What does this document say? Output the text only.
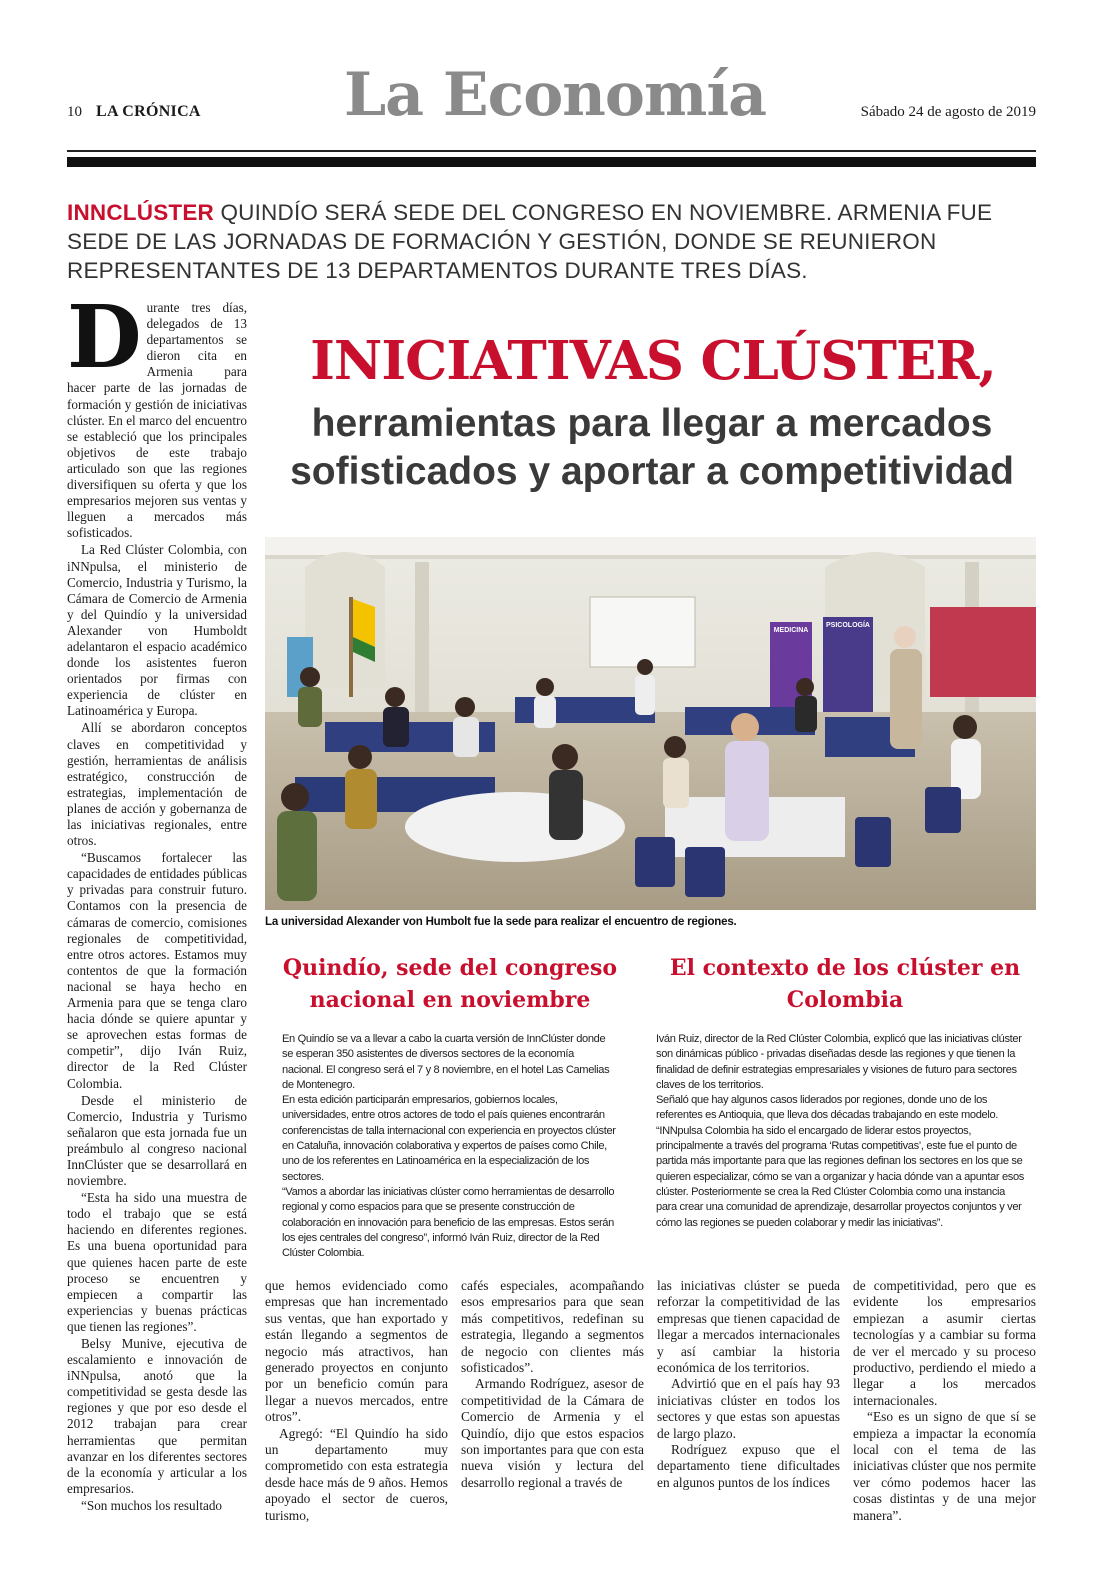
10 LA CRÓNICA La Economía	Sábado 24 de agosto de 2019
INNCLÚSTER QUINDÍO SERÁ SEDE DEL CONGRESO EN NOVIEMBRE. ARMENIA FUE SEDE DE LAS JORNADAS DE FORMACIÓN Y GESTIÓN, DONDE SE REUNIERON REPRESENTANTES DE 13 DEPARTAMENTOS DURANTE TRES DÍAS.
INICIATIVAS CLÚSTER,
herramientas para llegar a mercados sofisticados y aportar a competitividad

Durante tres días, delegados de 13 departamentos se dieron cita en Armenia para hacer parte de las jornadas de formación y gestión de iniciativas clúster. En el marco del encuentro se estableció que los principales objetivos de este trabajo articulado son que las regiones diversifiquen su oferta y que los empresarios mejoren sus ventas y lleguen a mercados más sofisticados.

La Red Clúster Colombia, con iNNpulsa, el ministerio de Comercio, Industria y Turismo, la Cámara de Comercio de Armenia y del Quindío y la universidad Alexander von Humboldt adelantaron el espacio académico donde los asistentes fueron orientados por firmas con experiencia de clúster en Latinoamérica y Europa.

Allí se abordaron conceptos claves en competitividad y gestión, herramientas de análisis estratégico, construcción de estrategias, implementación de planes de acción y gobernanza de las iniciativas regionales, entre otros.

“Buscamos fortalecer las capacidades de entidades públicas y privadas para construir futuro. Contamos con la presencia de cámaras de comercio, comisiones regionales de competitividad, entre otros actores. Estamos muy contentos de que la formación nacional se haya hecho en Armenia para que se tenga claro hacia dónde se quiere apuntar y se aprovechen estas formas de competir”, dijo Iván Ruiz, director de la Red Clúster Colombia.

Desde el ministerio de Comercio, Industria y Turismo señalaron que esta jornada fue un preámbulo al congreso nacional InnClúster que se desarrollará en noviembre.

“Esta ha sido una muestra de todo el trabajo que se está haciendo en diferentes regiones. Es una buena oportunidad para que quienes hacen parte de este proceso se encuentren y empiecen a compartir las experiencias y buenas prácticas que tienen las regiones”.

Belsy Munive, ejecutiva de escalamiento e innovación de iNNpulsa, anotó que la competitividad se gesta desde las regiones y que por eso desde el 2012 trabajan para crear herramientas que permitan avanzar en los diferentes sectores de la economía y articular a los empresarios.

“Son muchos los resultado

MEDICINA
PSICOLOGÍA
La universidad Alexander von Humbolt fue la sede para realizar el encuentro de regiones.
Quindío, sede del congreso nacional en noviembre

En Quindío se va a llevar a cabo la cuarta versión de InnClúster donde se esperan 350 asistentes de diversos sectores de la economía nacional. El congreso será el 7 y 8 noviembre, en el hotel Las Camelias de Montenegro.

En esta edición participarán empresarios, gobiernos locales, universidades, entre otros actores de todo el país quienes encontrarán conferencistas de talla internacional con experiencia en proyectos clúster en Cataluña, innovación colaborativa y expertos de países como Chile, uno de los referentes en Latinoamérica en la especialización de los sectores.

“Vamos a abordar las iniciativas clúster como herramientas de desarrollo regional y como espacios para que se presente construcción de colaboración en innovación para beneficio de las empresas. Estos serán los ejes centrales del congreso”, informó Iván Ruiz, director de la Red Clúster Colombia.

El contexto de los clúster en Colombia

Iván Ruiz, director de la Red Clúster Colombia, explicó que las iniciativas clúster son dinámicas público - privadas diseñadas desde las regiones y que tienen la finalidad de definir estrategias empresariales y visiones de futuro para sectores claves de los territorios.

Señaló que hay algunos casos liderados por regiones, donde uno de los referentes es Antioquia, que lleva dos décadas trabajando en este modelo.

“INNpulsa Colombia ha sido el encargado de liderar estos proyectos, principalmente a través del programa ‘Rutas competitivas’, este fue el punto de partida más importante para que las regiones definan los sectores en los que se quieren especializar, cómo se van a organizar y hacia dónde van a apuntar esos clúster. Posteriormente se crea la Red Clúster Colombia como una instancia para crear una comunidad de aprendizaje, desarrollar proyectos conjuntos y ver cómo las regiones se pueden colaborar y medir las iniciativas”.

que hemos evidenciado como empresas que han incrementado sus ventas, que han exportado y están llegando a segmentos de negocio más atractivos, han generado proyectos en conjunto por un beneficio común para llegar a nuevos mercados, entre otros”.

Agregó: “El Quindío ha sido un departamento muy comprometido con esta estrategia desde hace más de 9 años. Hemos apoyado el sector de cueros, turismo,

cafés especiales, acompañando esos empresarios para que sean más competitivos, redefinan su estrategia, llegando a segmentos de negocio con clientes más sofisticados”.

Armando Rodríguez, asesor de competitividad de la Cámara de Comercio de Armenia y el Quindío, dijo que estos espacios son importantes para que con esta nueva visión y lectura del desarrollo regional a través de

las iniciativas clúster se pueda reforzar la competitividad de las empresas que tienen capacidad de llegar a mercados internacionales y así cambiar la historia económica de los territorios.

Advirtió que en el país hay 93 iniciativas clúster en todos los sectores y que estas son apuestas de largo plazo.

Rodríguez expuso que el departamento tiene dificultades en algunos puntos de los índices

de competitividad, pero que es evidente los empresarios empiezan a asumir ciertas tecnologías y a cambiar su forma de ver el mercado y su proceso productivo, perdiendo el miedo a llegar a los mercados internacionales.

“Eso es un signo de que sí se empieza a impactar la economía local con el tema de las iniciativas clúster que nos permite ver cómo podemos hacer las cosas distintas y de una mejor manera”.
